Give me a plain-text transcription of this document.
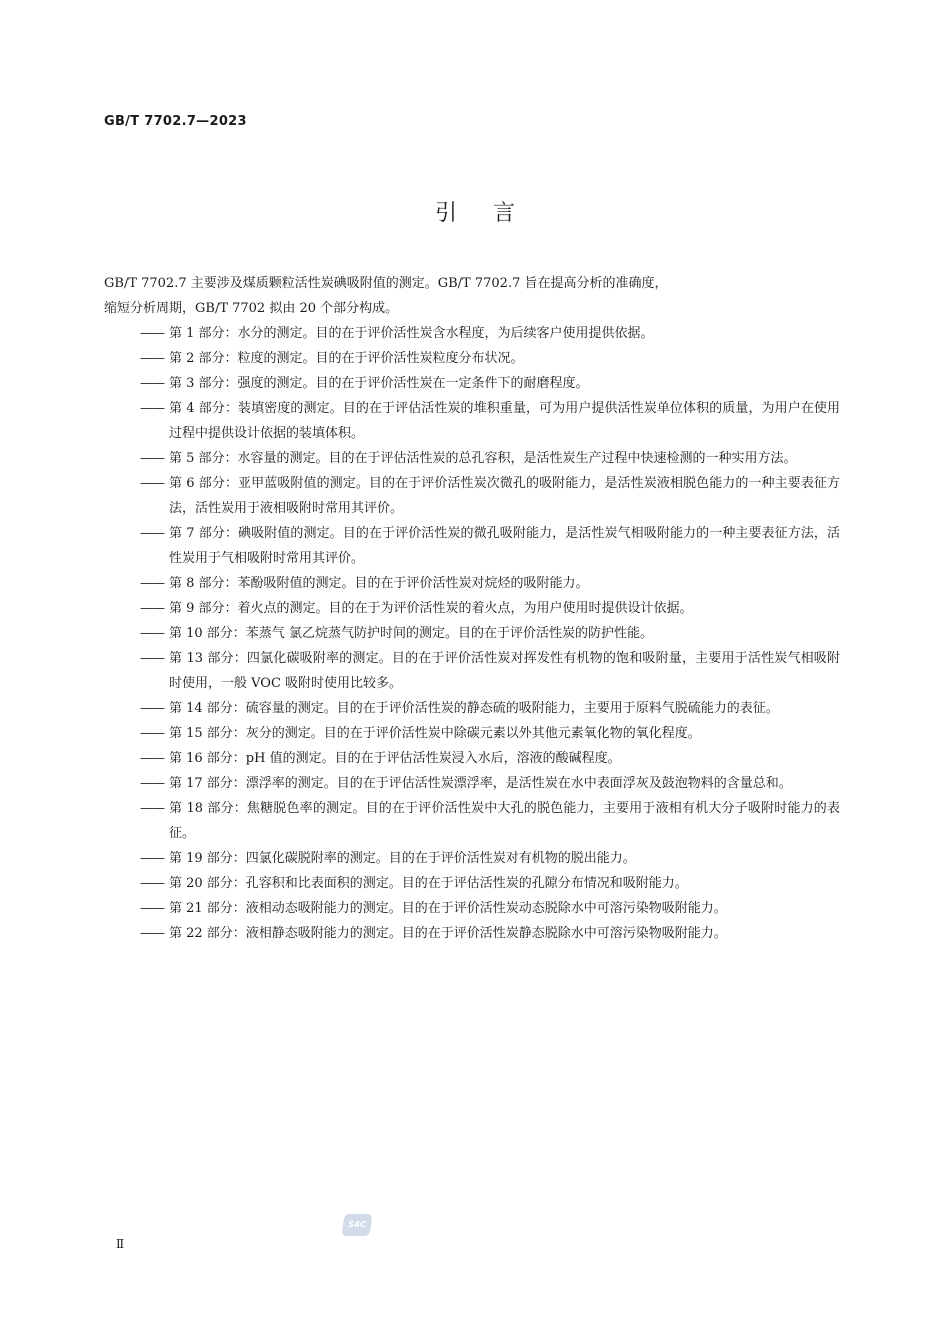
GB/T 7702.7—2023
引言

GB/T 7702.7 主要涉及煤质颗粒活性炭碘吸附值的测定。GB/T 7702.7 旨在提高分析的准确度，
缩短分析周期，GB/T 7702 拟由 20 个部分构成。

—— 第 1 部分：水分的测定。目的在于评价活性炭含水程度，为后续客户使用提供依据。
—— 第 2 部分：粒度的测定。目的在于评价活性炭粒度分布状况。
—— 第 3 部分：强度的测定。目的在于评价活性炭在一定条件下的耐磨程度。
—— 第 4 部分：装填密度的测定。目的在于评估活性炭的堆积重量，可为用户提供活性炭单位体积的质量，为用户在使用过程中提供设计依据的装填体积。
—— 第 5 部分：水容量的测定。目的在于评估活性炭的总孔容积，是活性炭生产过程中快速检测的一种实用方法。
—— 第 6 部分：亚甲蓝吸附值的测定。目的在于评价活性炭次微孔的吸附能力，是活性炭液相脱色能力的一种主要表征方法，活性炭用于液相吸附时常用其评价。
—— 第 7 部分：碘吸附值的测定。目的在于评价活性炭的微孔吸附能力，是活性炭气相吸附能力的一种主要表征方法，活性炭用于气相吸附时常用其评价。
—— 第 8 部分：苯酚吸附值的测定。目的在于评价活性炭对烷烃的吸附能力。
—— 第 9 部分：着火点的测定。目的在于为评价活性炭的着火点，为用户使用时提供设计依据。
—— 第 10 部分：苯蒸气 氯乙烷蒸气防护时间的测定。目的在于评价活性炭的防护性能。
—— 第 13 部分：四氯化碳吸附率的测定。目的在于评价活性炭对挥发性有机物的饱和吸附量，主要用于活性炭气相吸附时使用，一般 VOC 吸附时使用比较多。
—— 第 14 部分：硫容量的测定。目的在于评价活性炭的静态硫的吸附能力，主要用于原料气脱硫能力的表征。
—— 第 15 部分：灰分的测定。目的在于评价活性炭中除碳元素以外其他元素氧化物的氧化程度。
—— 第 16 部分：pH 值的测定。目的在于评估活性炭浸入水后，溶液的酸碱程度。
—— 第 17 部分：漂浮率的测定。目的在于评估活性炭漂浮率，是活性炭在水中表面浮灰及鼓泡物料的含量总和。
—— 第 18 部分：焦糖脱色率的测定。目的在于评价活性炭中大孔的脱色能力，主要用于液相有机大分子吸附时能力的表征。
—— 第 19 部分：四氯化碳脱附率的测定。目的在于评价活性炭对有机物的脱出能力。
—— 第 20 部分：孔容积和比表面积的测定。目的在于评估活性炭的孔隙分布情况和吸附能力。
—— 第 21 部分：液相动态吸附能力的测定。目的在于评价活性炭动态脱除水中可溶污染物吸附能力。
—— 第 22 部分：液相静态吸附能力的测定。目的在于评价活性炭静态脱除水中可溶污染物吸附能力。
SAC
Ⅱ
